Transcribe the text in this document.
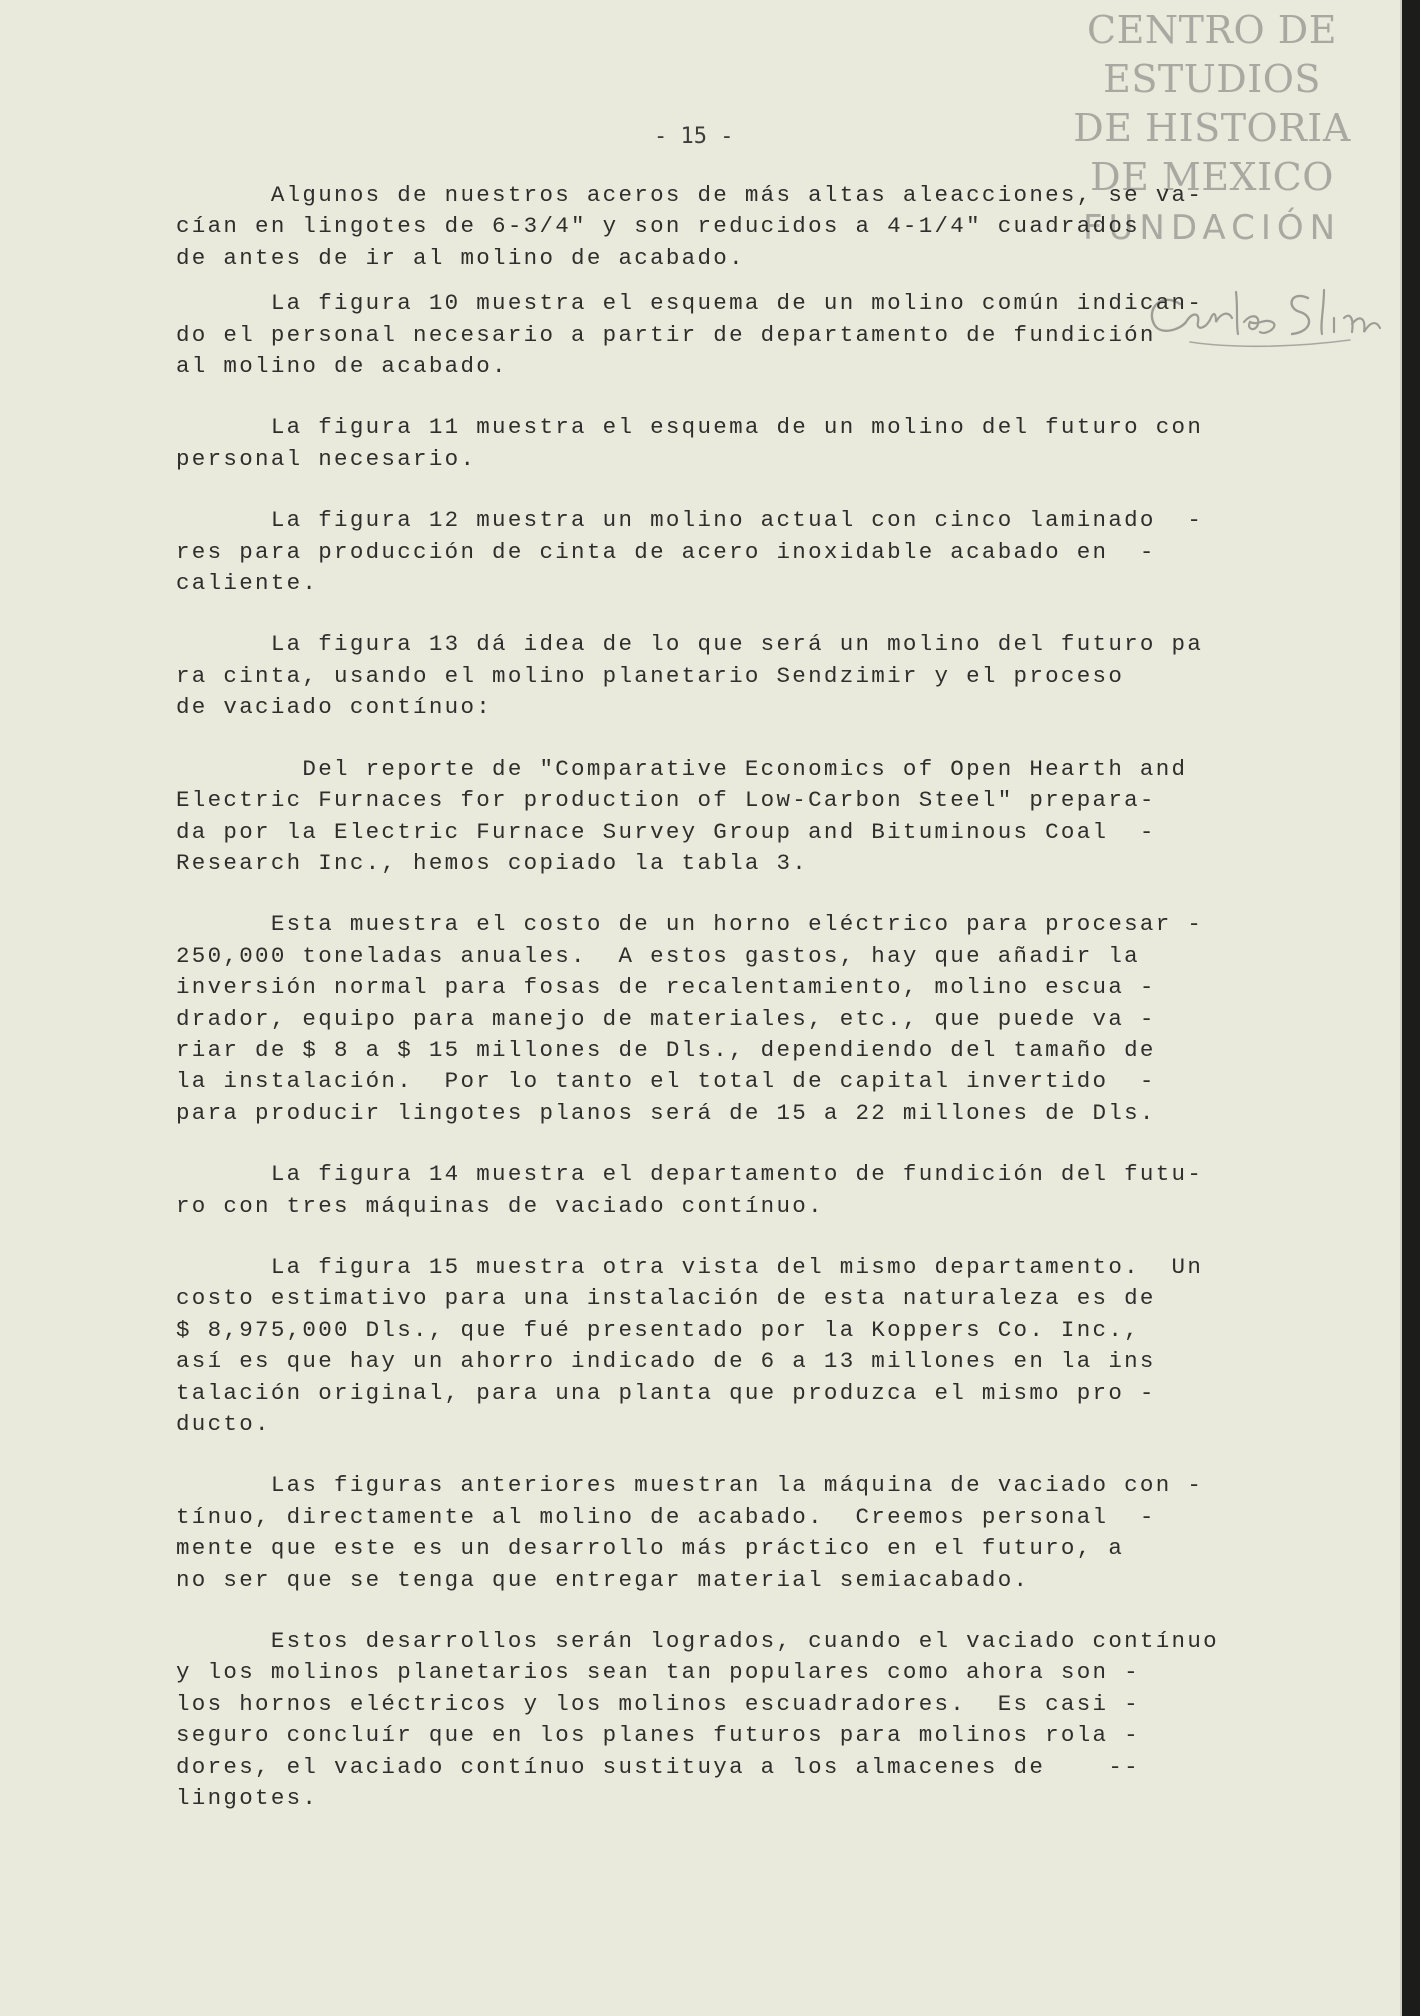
CENTRO DE
ESTUDIOS
DE HISTORIA
DE MEXICO
FUNDACIÓN
- 15 -

Algunos de nuestros aceros de más altas aleacciones, se va-
cían en lingotes de 6-3/4" y son reducidos a 4-1/4" cuadrados
de antes de ir al molino de acabado.

La figura 10 muestra el esquema de un molino común indican-
do el personal necesario a partir de departamento de fundición
al molino de acabado.

La figura 11 muestra el esquema de un molino del futuro con
personal necesario.

La figura 12 muestra un molino actual con cinco laminado  -
res para producción de cinta de acero inoxidable acabado en  -
caliente.

La figura 13 dá idea de lo que será un molino del futuro pa
ra cinta, usando el molino planetario Sendzimir y el proceso
de vaciado contínuo:

Del reporte de "Comparative Economics of Open Hearth and
Electric Furnaces for production of Low-Carbon Steel" prepara-
da por la Electric Furnace Survey Group and Bituminous Coal  -
Research Inc., hemos copiado la tabla 3.

Esta muestra el costo de un horno eléctrico para procesar -
250,000 toneladas anuales.  A estos gastos, hay que añadir la
inversión normal para fosas de recalentamiento, molino escua -
drador, equipo para manejo de materiales, etc., que puede va -
riar de $ 8 a $ 15 millones de Dls., dependiendo del tamaño de
la instalación.  Por lo tanto el total de capital invertido  -
para producir lingotes planos será de 15 a 22 millones de Dls.

La figura 14 muestra el departamento de fundición del futu-
ro con tres máquinas de vaciado contínuo.

La figura 15 muestra otra vista del mismo departamento.  Un
costo estimativo para una instalación de esta naturaleza es de
$ 8,975,000 Dls., que fué presentado por la Koppers Co. Inc.,
así es que hay un ahorro indicado de 6 a 13 millones en la ins
talación original, para una planta que produzca el mismo pro -
ducto.

Las figuras anteriores muestran la máquina de vaciado con -
tínuo, directamente al molino de acabado.  Creemos personal  -
mente que este es un desarrollo más práctico en el futuro, a
no ser que se tenga que entregar material semiacabado.

Estos desarrollos serán logrados, cuando el vaciado contínuo
y los molinos planetarios sean tan populares como ahora son -
los hornos eléctricos y los molinos escuadradores.  Es casi -
seguro concluír que en los planes futuros para molinos rola -
dores, el vaciado contínuo sustituya a los almacenes de    --
lingotes.
